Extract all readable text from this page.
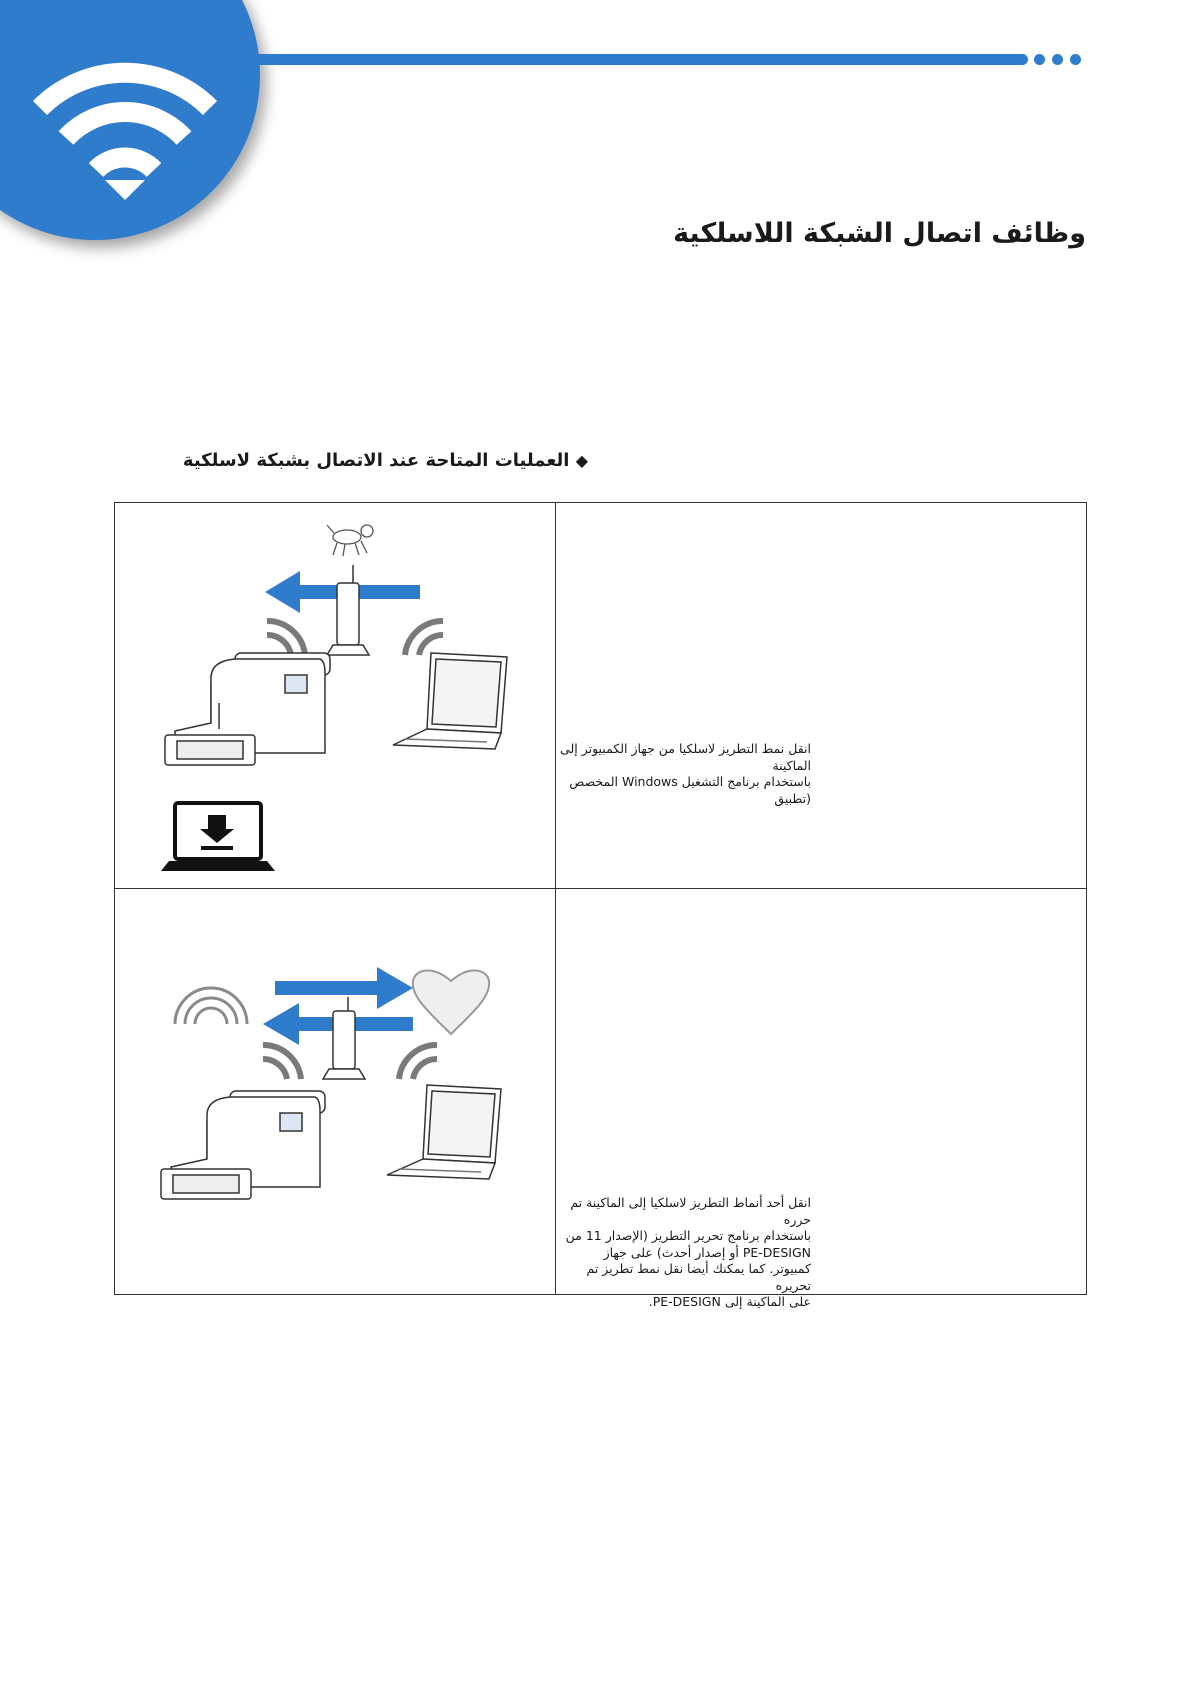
وظائف اتصال الشبكة اللاسلكية
◆ العمليات المتاحة عند الاتصال بشبكة لاسلكية

انقل نمط التطريز لاسلكيا من جهاز الكمبيوتر إلى الماكينة

باستخدام برنامج التشغيل Windows المخصص (تطبيق

انقل أحد أنماط التطريز لاسلكيا إلى الماكينة تم حرره

باستخدام برنامج تحرير التطريز (الإصدار 11 من

PE-DESIGN أو إصدار أحدث) على جهاز

كمبيوتر. كما يمكنك أيضا نقل نمط تطريز تم تحريره

على الماكينة إلى PE-DESIGN.
